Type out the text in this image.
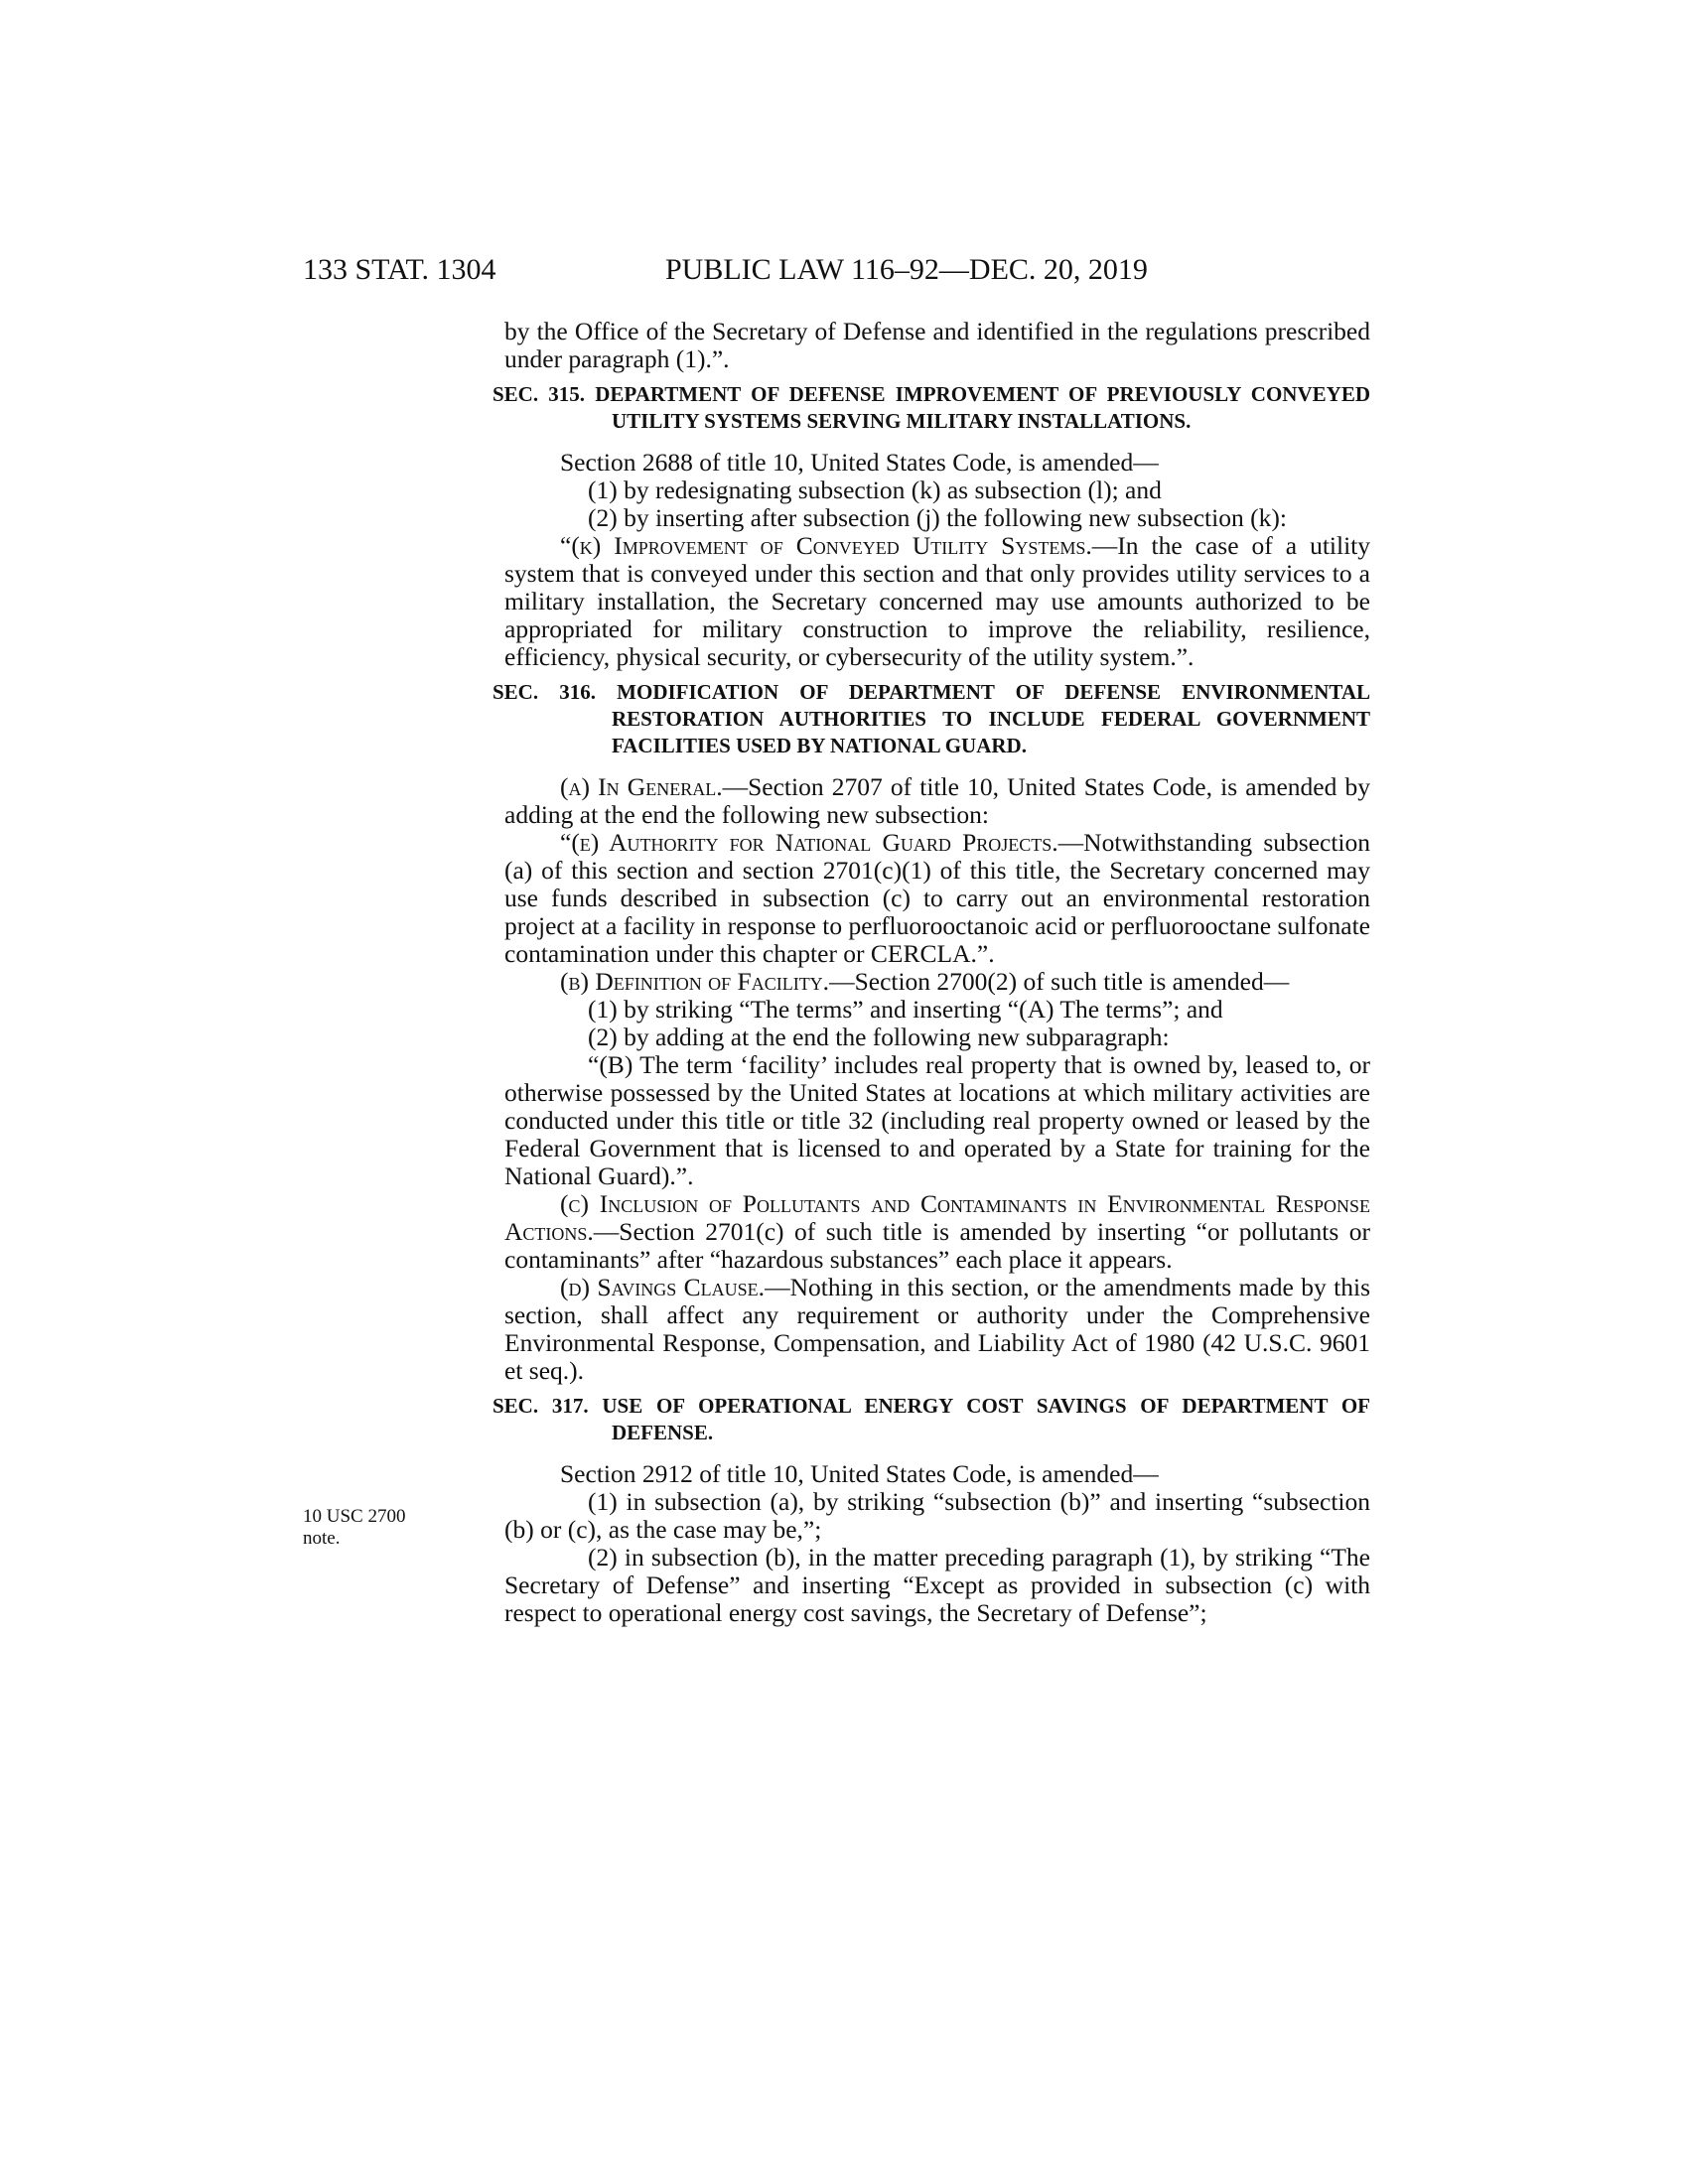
133 STAT. 1304	PUBLIC LAW 116–92—DEC. 20, 2019
10 USC 2700
note.

by the Office of the Secretary of Defense and identified in the regulations prescribed under paragraph (1).”.

SEC. 315. DEPARTMENT OF DEFENSE IMPROVEMENT OF PREVIOUSLY CONVEYED UTILITY SYSTEMS SERVING MILITARY INSTALLATIONS.

Section 2688 of title 10, United States Code, is amended—

(1) by redesignating subsection (k) as subsection (l); and

(2) by inserting after subsection (j) the following new subsection (k):

“(k) Improvement of Conveyed Utility Systems.—In the case of a utility system that is conveyed under this section and that only provides utility services to a military installation, the Secretary concerned may use amounts authorized to be appropriated for military construction to improve the reliability, resilience, efficiency, physical security, or cybersecurity of the utility system.”.

SEC. 316. MODIFICATION OF DEPARTMENT OF DEFENSE ENVIRONMENTAL RESTORATION AUTHORITIES TO INCLUDE FEDERAL GOVERNMENT FACILITIES USED BY NATIONAL GUARD.

(a) In General.—Section 2707 of title 10, United States Code, is amended by adding at the end the following new subsection:

“(e) Authority for National Guard Projects.—Notwithstanding subsection (a) of this section and section 2701(c)(1) of this title, the Secretary concerned may use funds described in subsection (c) to carry out an environmental restoration project at a facility in response to perfluorooctanoic acid or perfluorooctane sulfonate contamination under this chapter or CERCLA.”.

(b) Definition of Facility.—Section 2700(2) of such title is amended—

(1) by striking “The terms” and inserting “(A) The terms”; and

(2) by adding at the end the following new subparagraph:

“(B) The term ‘facility’ includes real property that is owned by, leased to, or otherwise possessed by the United States at locations at which military activities are conducted under this title or title 32 (including real property owned or leased by the Federal Government that is licensed to and operated by a State for training for the National Guard).”.

(c) Inclusion of Pollutants and Contaminants in Environmental Response Actions.—Section 2701(c) of such title is amended by inserting “or pollutants or contaminants” after “hazardous substances” each place it appears.

(d) Savings Clause.—Nothing in this section, or the amendments made by this section, shall affect any requirement or authority under the Comprehensive Environmental Response, Compensation, and Liability Act of 1980 (42 U.S.C. 9601 et seq.).

SEC. 317. USE OF OPERATIONAL ENERGY COST SAVINGS OF DEPARTMENT OF DEFENSE.

Section 2912 of title 10, United States Code, is amended—

(1) in subsection (a), by striking “subsection (b)” and inserting “subsection (b) or (c), as the case may be,”;

(2) in subsection (b), in the matter preceding paragraph (1), by striking “The Secretary of Defense” and inserting “Except as provided in subsection (c) with respect to operational energy cost savings, the Secretary of Defense”;
